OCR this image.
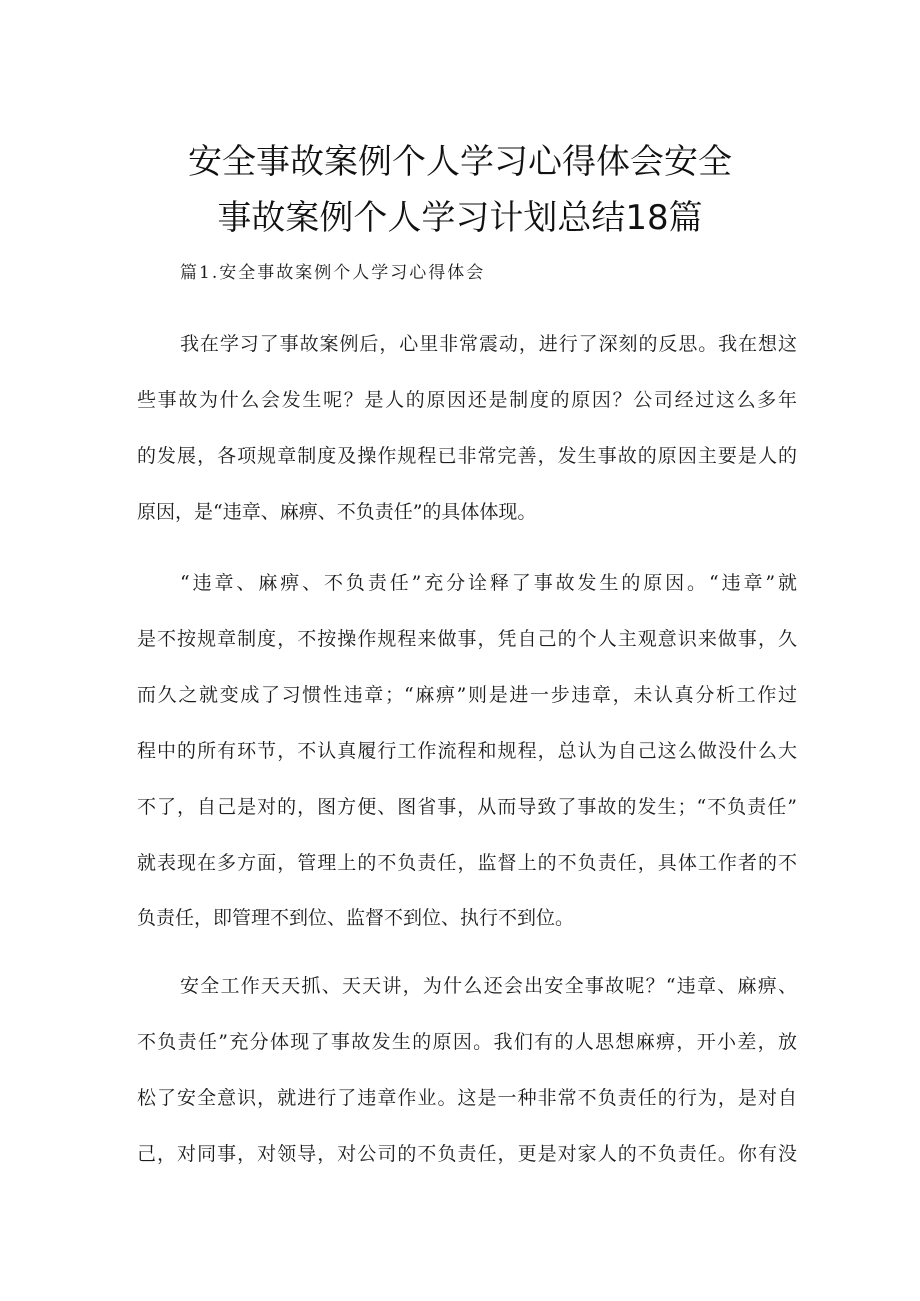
安全事故案例个人学习心得体会安全
事故案例个人学习计划总结18篇
篇1.安全事故案例个人学习心得体会
我在学习了事故案例后，心里非常震动，进行了深刻的反思。我在想这
些事故为什么会发生呢？是人的原因还是制度的原因？公司经过这么多年
的发展，各项规章制度及操作规程已非常完善，发生事故的原因主要是人的
原因，是“违章、麻痹、不负责任”的具体体现。
“违章、麻痹、不负责任”充分诠释了事故发生的原因。“违章”就
是不按规章制度，不按操作规程来做事，凭自己的个人主观意识来做事，久
而久之就变成了习惯性违章；“麻痹”则是进一步违章，未认真分析工作过
程中的所有环节，不认真履行工作流程和规程，总认为自己这么做没什么大
不了，自己是对的，图方便、图省事，从而导致了事故的发生；“不负责任”
就表现在多方面，管理上的不负责任，监督上的不负责任，具体工作者的不
负责任，即管理不到位、监督不到位、执行不到位。
安全工作天天抓、天天讲，为什么还会出安全事故呢？“违章、麻痹、
不负责任”充分体现了事故发生的原因。我们有的人思想麻痹，开小差，放
松了安全意识，就进行了违章作业。这是一种非常不负责任的行为，是对自
己，对同事，对领导，对公司的不负责任，更是对家人的不负责任。你有没
